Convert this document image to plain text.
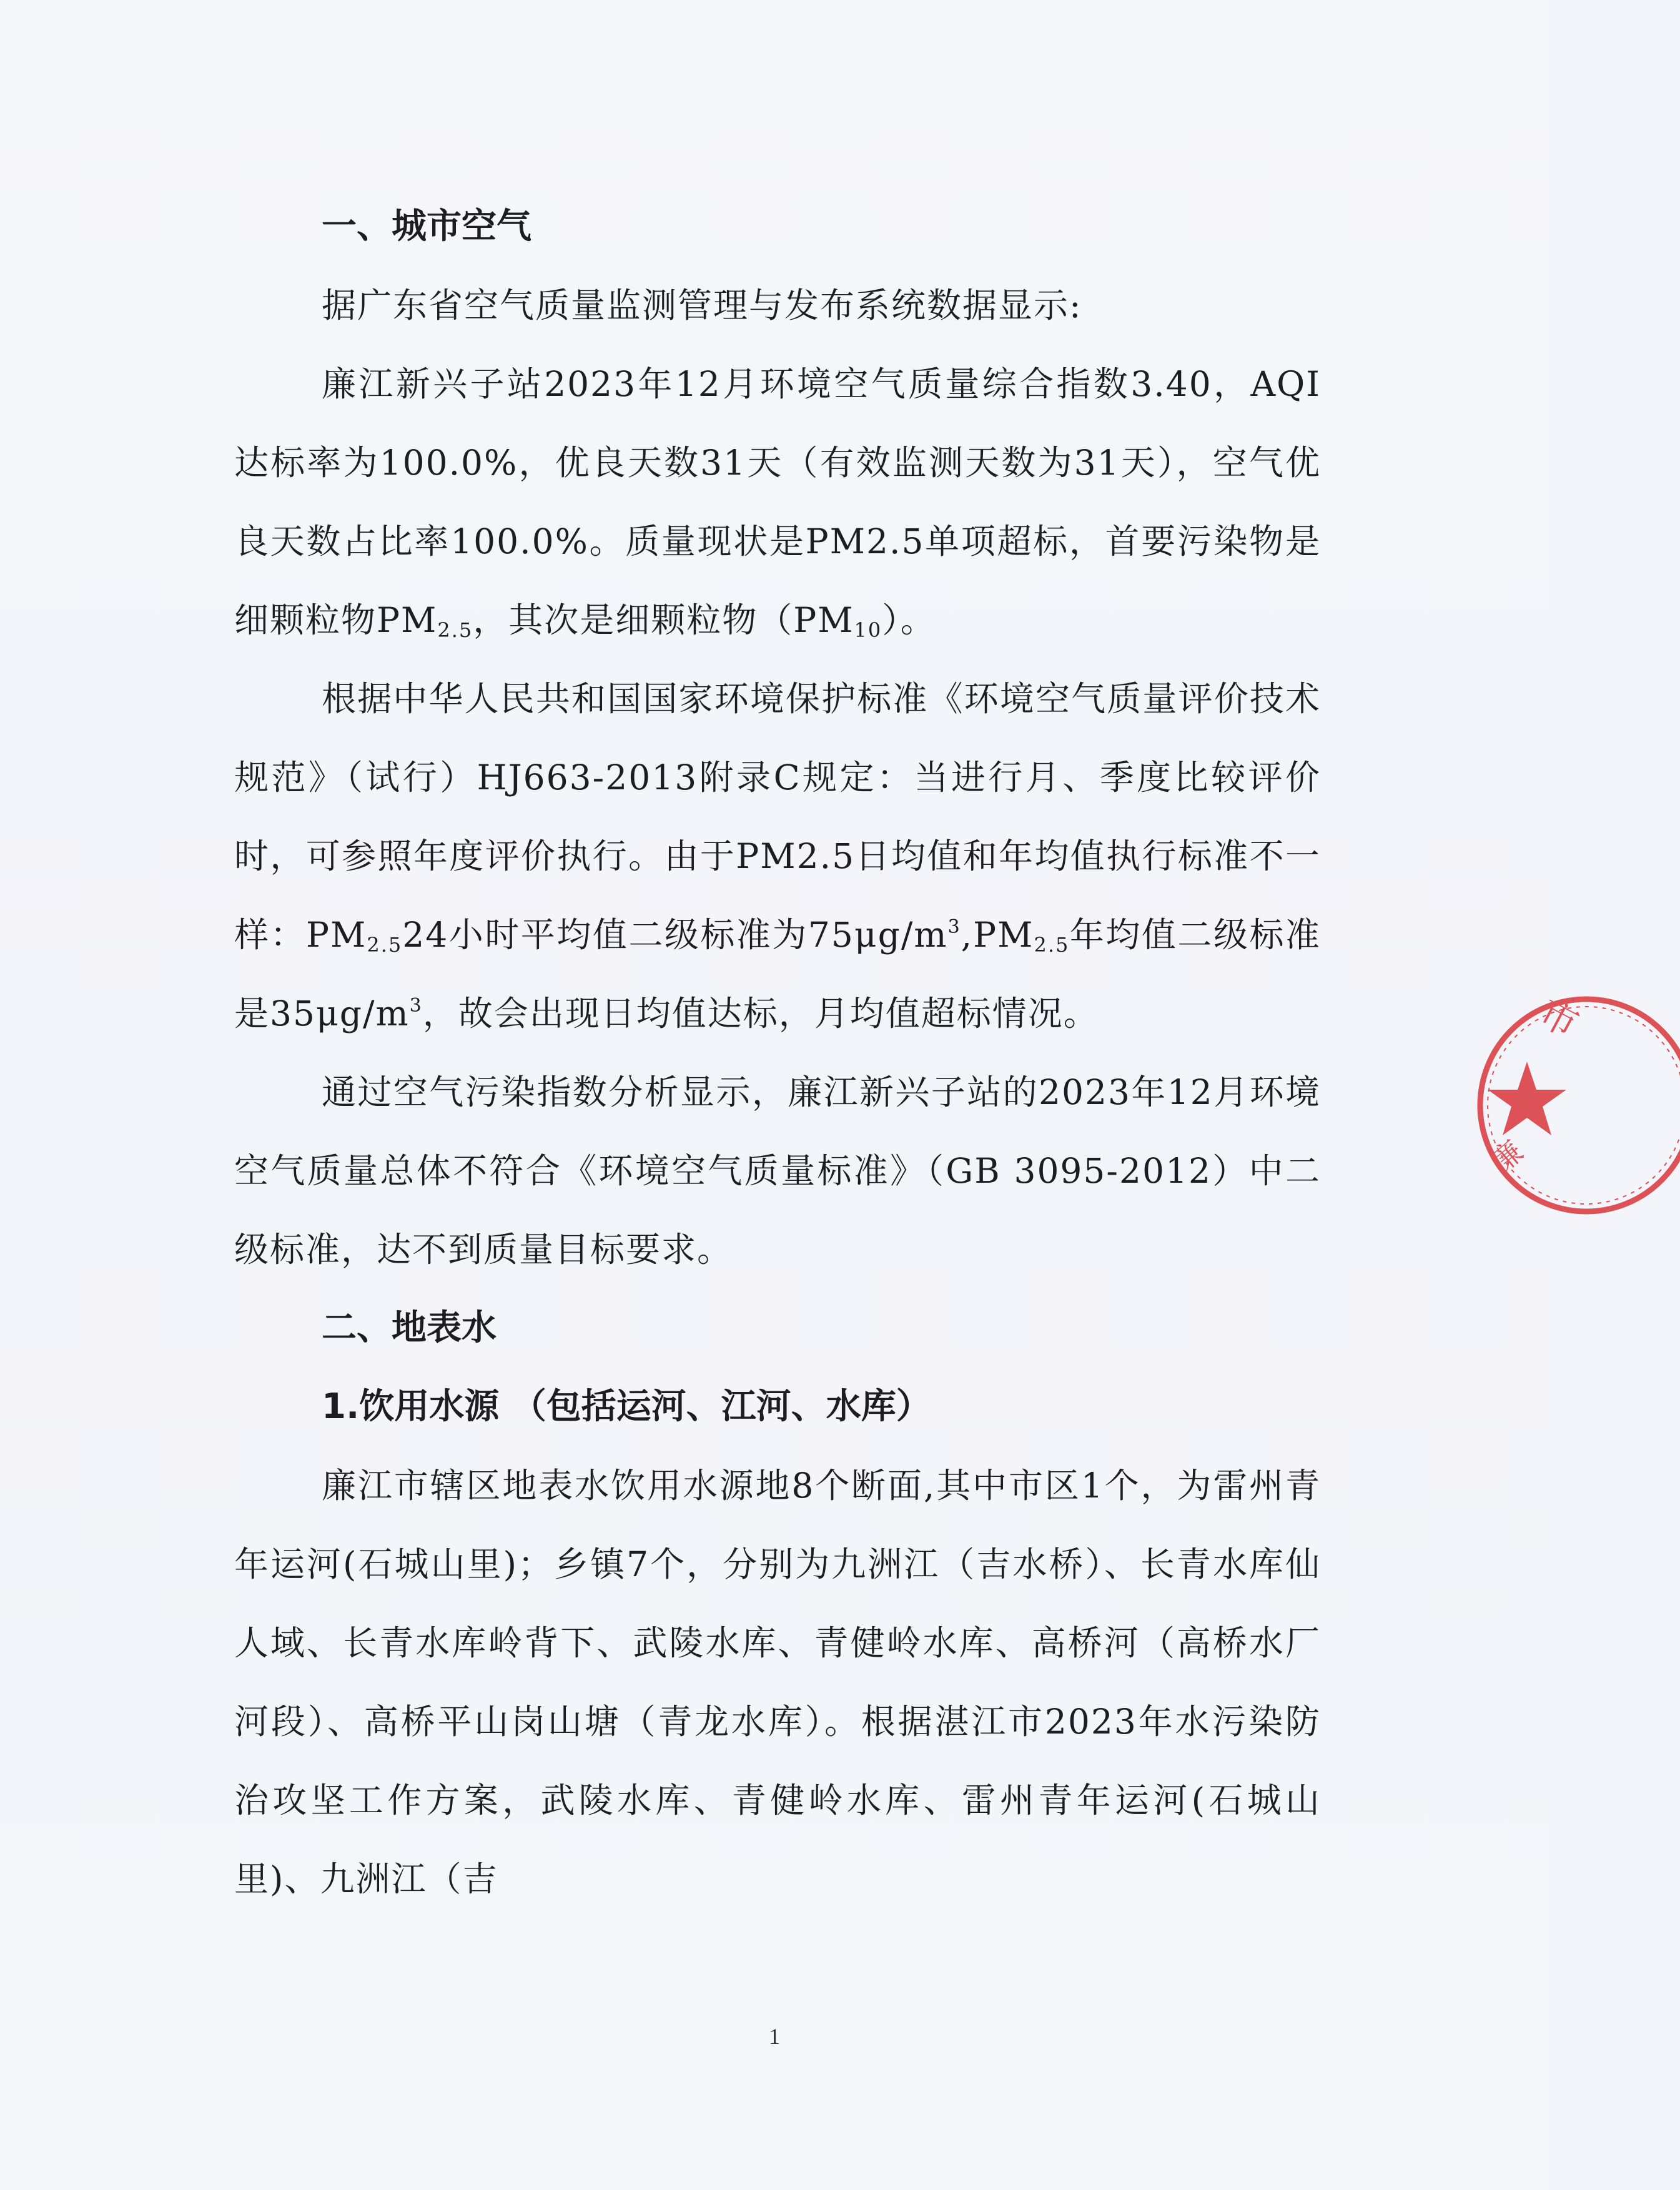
一、城市空气

据广东省空气质量监测管理与发布系统数据显示:

廉江新兴子站2023年12月环境空气质量综合指数3.40，AQI达标率为100.0%，优良天数31天（有效监测天数为31天），空气优良天数占比率100.0%。质量现状是PM2.5单项超标，首要污染物是细颗粒物$PM_{2.5}$，其次是细颗粒物$(PM_{10})$。

根据中华人民共和国国家环境保护标准《环境空气质量评价技术规范》（试行）HJ663-2013附录C规定：当进行月、季度比较评价时，可参照年度评价执行。由于PM2.5日均值和年均值执行标准不一样：$PM_{2.5}24$小时平均值二级标准为$75\mu g/m^3,PM_{2.5}$年均值二级标准是$35\mu g/m^3$，故会出现日均值达标，月均值超标情况。

通过空气污染指数分析显示，廉江新兴子站的2023年12月环境空气质量总体不符合《环境空气质量标准》（GB 3095-2012）中二级标准，达不到质量目标要求。

二、地表水
1.饮用水源 （包括运河、江河、水库）

廉江市辖区地表水饮用水源地8个断面,其中市区1个，为雷州青年运河(石城山里)；乡镇7个，分别为九洲江（吉水桥）、长青水库仙人域、长青水库岭背下、武陵水库、青健岭水库、高桥河（高桥水厂河段）、高桥平山岗山塘（青龙水库）。根据湛江市2023年水污染防治攻坚工作方案，武陵水库、青健岭水库、雷州青年运河(石城山里)、九洲江（吉

市
廉
1
